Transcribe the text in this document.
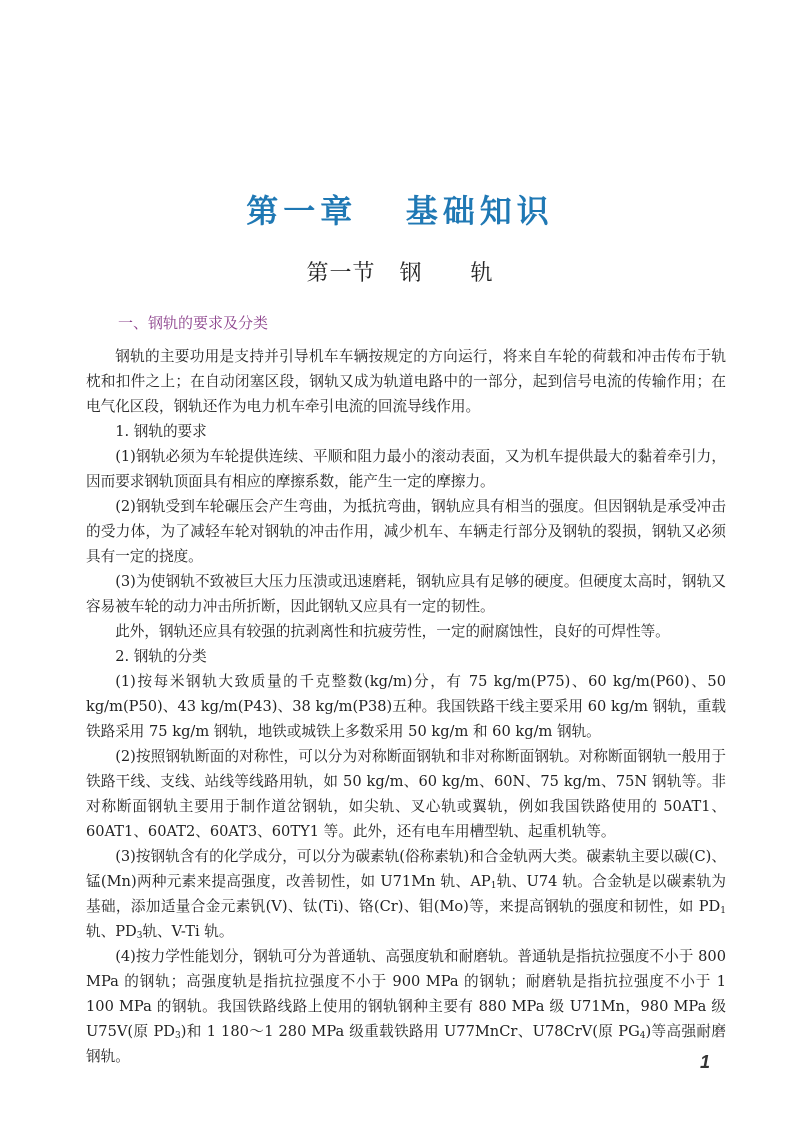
第一章   基础知识
第一节   钢      轨
一、钢轨的要求及分类

钢轨的主要功用是支持并引导机车车辆按规定的方向运行，将来自车轮的荷载和冲击传布于轨枕和扣件之上；在自动闭塞区段，钢轨又成为轨道电路中的一部分，起到信号电流的传输作用；在电气化区段，钢轨还作为电力机车牵引电流的回流导线作用。

1. 钢轨的要求

(1)钢轨必须为车轮提供连续、平顺和阻力最小的滚动表面，又为机车提供最大的黏着牵引力，因而要求钢轨顶面具有相应的摩擦系数，能产生一定的摩擦力。

(2)钢轨受到车轮碾压会产生弯曲，为抵抗弯曲，钢轨应具有相当的强度。但因钢轨是承受冲击的受力体，为了减轻车轮对钢轨的冲击作用，减少机车、车辆走行部分及钢轨的裂损，钢轨又必须具有一定的挠度。

(3)为使钢轨不致被巨大压力压溃或迅速磨耗，钢轨应具有足够的硬度。但硬度太高时，钢轨又容易被车轮的动力冲击所折断，因此钢轨又应具有一定的韧性。

此外，钢轨还应具有较强的抗剥离性和抗疲劳性，一定的耐腐蚀性，良好的可焊性等。

2. 钢轨的分类

(1)按每米钢轨大致质量的千克整数(kg/m)分，有 75 kg/m(P75)、60 kg/m(P60)、50 kg/m(P50)、43 kg/m(P43)、38 kg/m(P38)五种。我国铁路干线主要采用 60 kg/m 钢轨，重载铁路采用 75 kg/m 钢轨，地铁或城铁上多数采用 50 kg/m 和 60 kg/m 钢轨。

(2)按照钢轨断面的对称性，可以分为对称断面钢轨和非对称断面钢轨。对称断面钢轨一般用于铁路干线、支线、站线等线路用轨，如 50 kg/m、60 kg/m、60N、75 kg/m、75N 钢轨等。非对称断面钢轨主要用于制作道岔钢轨，如尖轨、叉心轨或翼轨，例如我国铁路使用的 50AT1、60AT1、60AT2、60AT3、60TY1 等。此外，还有电车用槽型轨、起重机轨等。

(3)按钢轨含有的化学成分，可以分为碳素轨(俗称素轨)和合金轨两大类。碳素轨主要以碳(C)、锰(Mn)两种元素来提高强度，改善韧性，如 U71Mn 轨、$AP_1$轨、U74 轨。合金轨是以碳素轨为基础，添加适量合金元素钒(V)、钛(Ti)、铬(Cr)、钼(Mo)等，来提高钢轨的强度和韧性，如 $PD_1$轨、$PD_3$轨、V-Ti 轨。

(4)按力学性能划分，钢轨可分为普通轨、高强度轨和耐磨轨。普通轨是指抗拉强度不小于 800 MPa 的钢轨；高强度轨是指抗拉强度不小于 900 MPa 的钢轨；耐磨轨是指抗拉强度不小于 1 100 MPa 的钢轨。我国铁路线路上使用的钢轨钢种主要有 880 MPa 级 U71Mn，980 MPa 级 U75V(原 $PD_3$)和 1 180～1 280 MPa 级重载铁路用 U77MnCr、U78CrV(原 $PG_4$)等高强耐磨钢轨。	1
